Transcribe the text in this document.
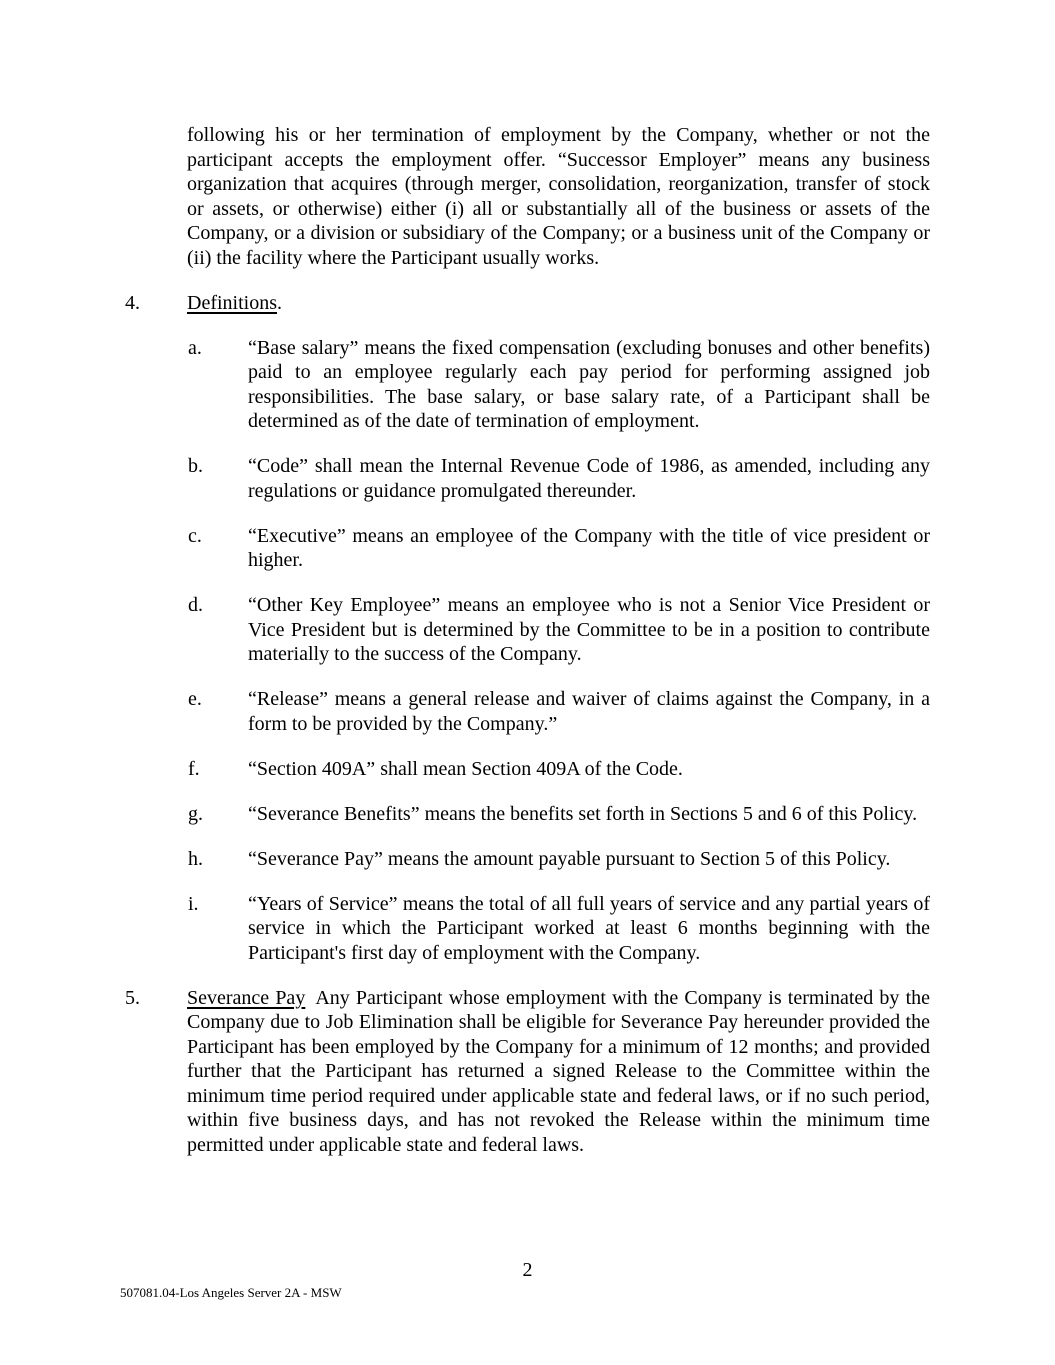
following his or her termination of employment by the Company, whether or not the participant accepts the employment offer. “Successor Employer” means any business organization that acquires (through merger, consolidation, reorganization, transfer of stock or assets, or otherwise) either (i) all or substantially all of the business or assets of the Company, or a division or subsidiary of the Company; or a business unit of the Company or (ii) the facility where the Participant usually works.

4. Definitions.
a. “Base salary” means the fixed compensation (excluding bonuses and other benefits) paid to an employee regularly each pay period for performing assigned job responsibilities. The base salary, or base salary rate, of a Participant shall be determined as of the date of termination of employment.
b. “Code” shall mean the Internal Revenue Code of 1986, as amended, including any regulations or guidance promulgated thereunder.
c. “Executive” means an employee of the Company with the title of vice president or higher.
d. “Other Key Employee” means an employee who is not a Senior Vice President or Vice President but is determined by the Committee to be in a position to contribute materially to the success of the Company.
e. “Release” means a general release and waiver of claims against the Company, in a form to be provided by the Company.”
f. “Section 409A” shall mean Section 409A of the Code.
g. “Severance Benefits” means the benefits set forth in Sections 5 and 6 of this Policy.
h. “Severance Pay” means the amount payable pursuant to Section 5 of this Policy.
i. “Years of Service” means the total of all full years of service and any partial years of service in which the Participant worked at least 6 months beginning with the Participant's first day of employment with the Company.
5. Severance Pay Any Participant whose employment with the Company is terminated by the Company due to Job Elimination shall be eligible for Severance Pay hereunder provided the Participant has been employed by the Company for a minimum of 12 months; and provided further that the Participant has returned a signed Release to the Committee within the minimum time period required under applicable state and federal laws, or if no such period, within five business days, and has not revoked the Release within the minimum time permitted under applicable state and federal laws.
2
507081.04-Los Angeles Server 2A - MSW
